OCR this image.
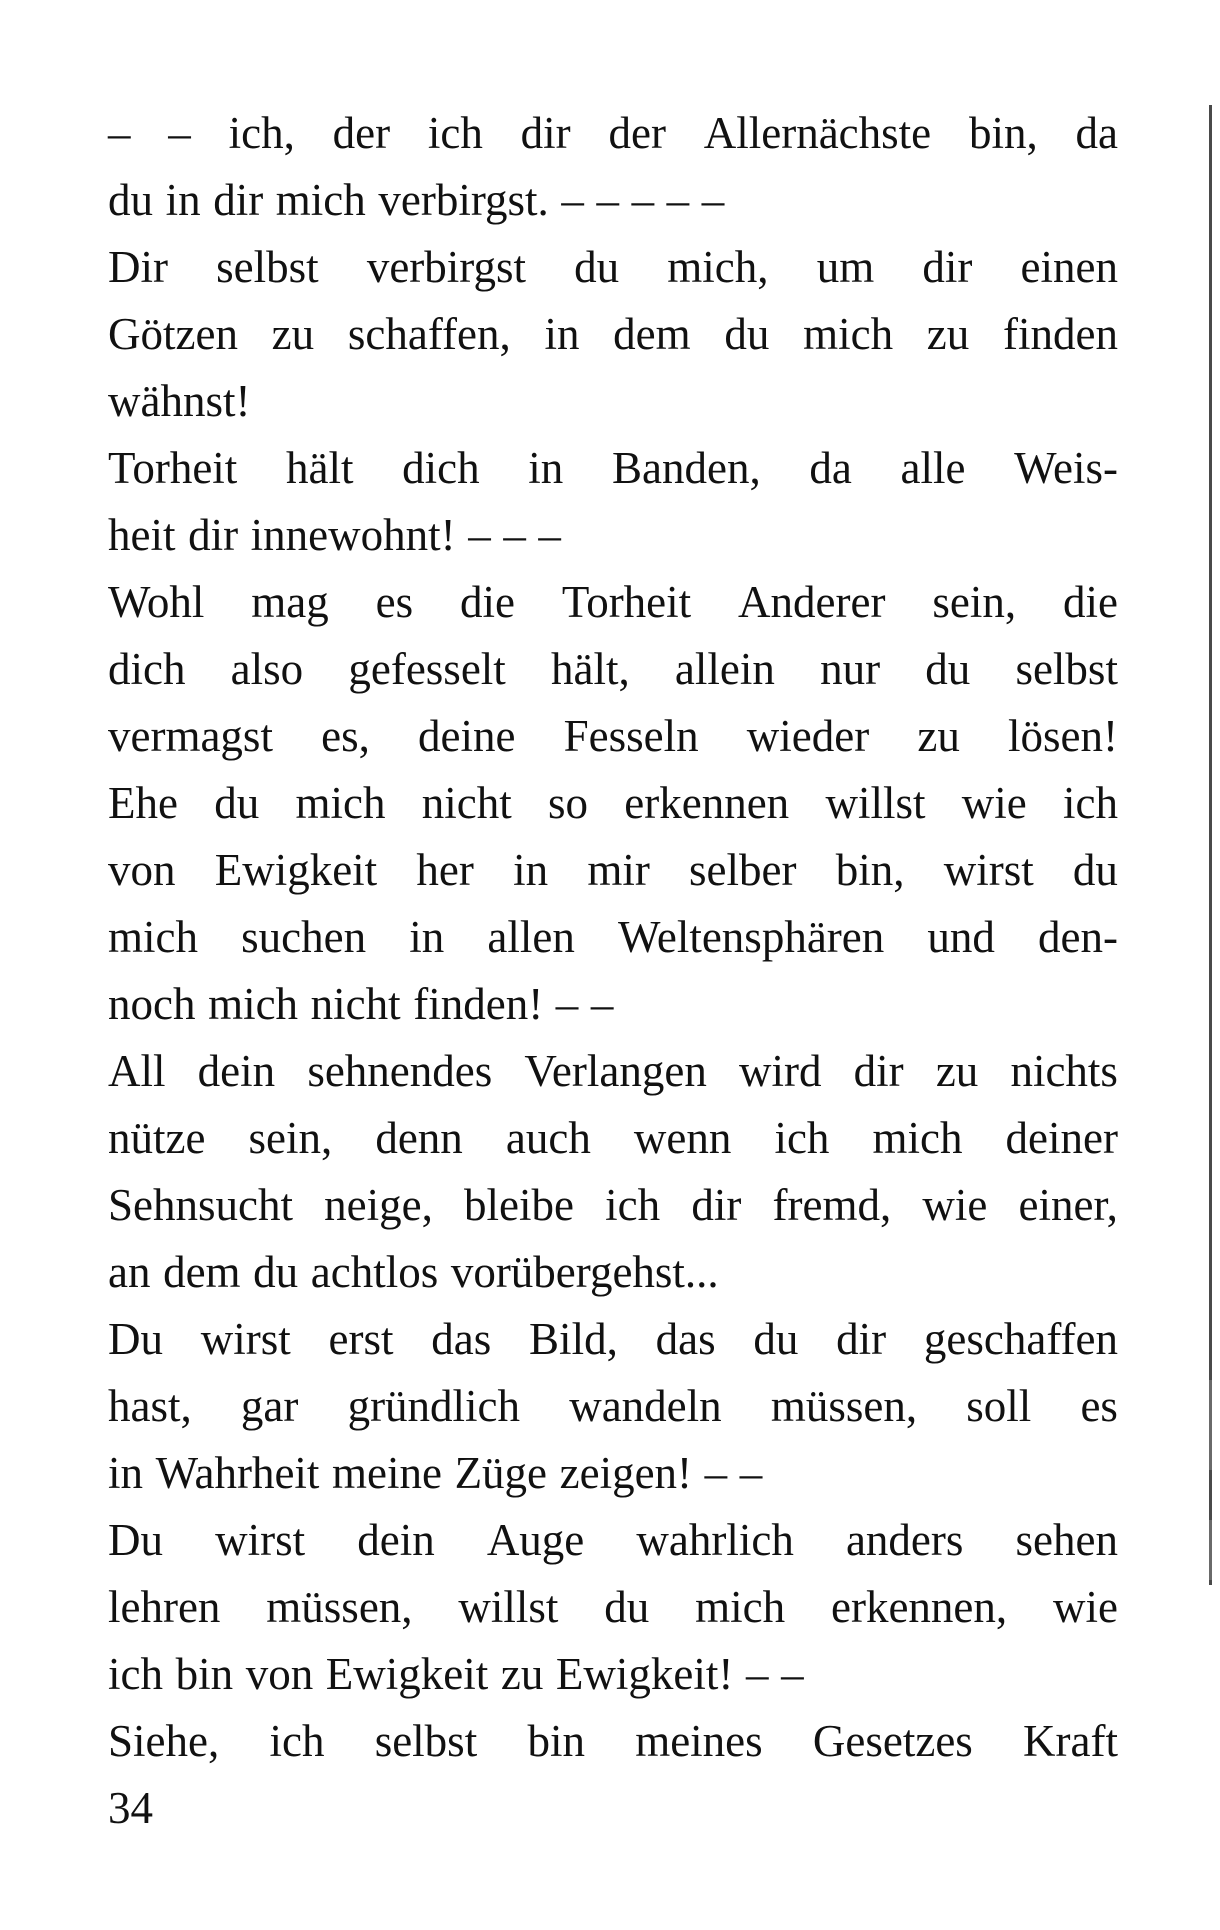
– – ich, der ich dir der Allernächste bin, da
du in dir mich verbirgst. – – – – –
Dir selbst verbirgst du mich, um dir einen
Götzen zu schaffen, in dem du mich zu finden
wähnst!
Torheit hält dich in Banden, da alle Weis-
heit dir innewohnt! – – –
Wohl mag es die Torheit Anderer sein, die
dich also gefesselt hält, allein nur du selbst
vermagst es, deine Fesseln wieder zu lösen!
Ehe du mich nicht so erkennen willst wie ich
von Ewigkeit her in mir selber bin, wirst du
mich suchen in allen Weltensphären und den-
noch mich nicht finden! – –
All dein sehnendes Verlangen wird dir zu nichts
nütze sein, denn auch wenn ich mich deiner
Sehnsucht neige, bleibe ich dir fremd, wie einer,
an dem du achtlos vorübergehst...
Du wirst erst das Bild, das du dir geschaffen
hast, gar gründlich wandeln müssen, soll es
in Wahrheit meine Züge zeigen! – –
Du wirst dein Auge wahrlich anders sehen
lehren müssen, willst du mich erkennen, wie
ich bin von Ewigkeit zu Ewigkeit! – –
Siehe, ich selbst bin meines Gesetzes Kraft
34
